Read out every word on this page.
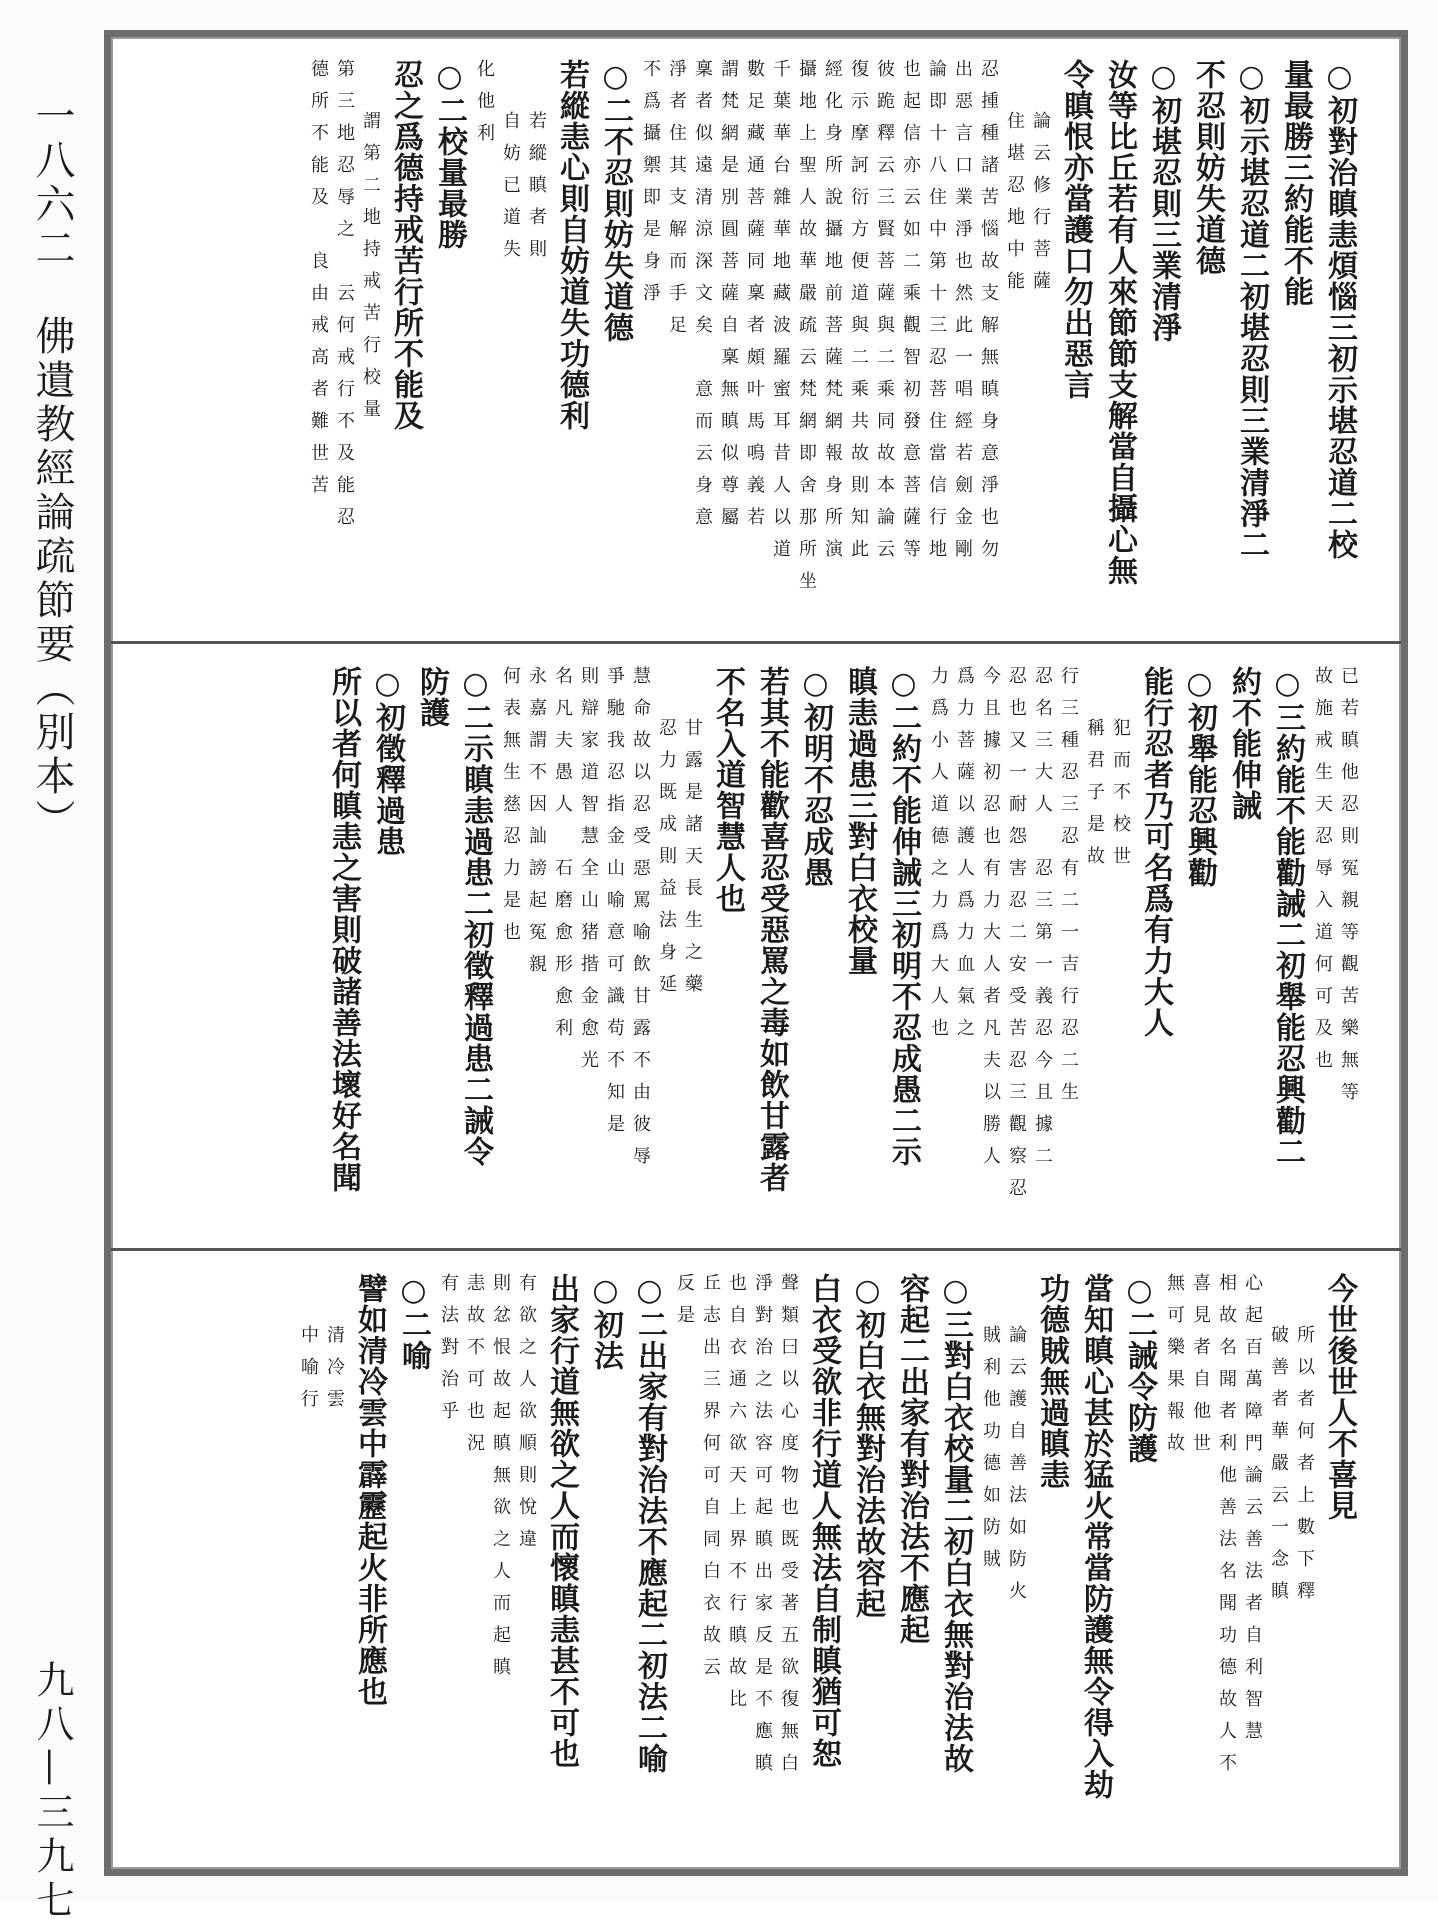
一八六二　佛遺教經論疏節要（別本）
九八—三九七
○初對治瞋恚煩惱三初示堪忍道二校
量最勝三約能不能
○初示堪忍道二初堪忍則三業清淨二
不忍則妨失道德
○初堪忍則三業清淨
汝等比丘若有人來節節支解當自攝心無
令瞋恨亦當護口勿出惡言
論云修行菩薩
住堪忍地中能
忍揰種諸苦惱故支解無瞋身意淨也勿
出惡言口業淨也然此一唱經若劍金剛
論即十八住中第十三忍菩住當信行地
也起信亦云如二乘觀智初發意菩薩等
彼跪釋云三賢菩薩與二乘同故本論云
復示摩訶衍方便道與二乘共故則知此
經化身所說攝地前菩薩梵網報身所演
攝地上聖人故華嚴疏云梵網即舍那所坐
千葉華台雜華地藏波羅蜜耳昔人以道
數足藏通菩薩同稟者頗叶馬鳴義若
謂梵網是別圓菩薩自稟無瞋似尊屬
稟者似遠清涼深文矣　意而云身意
淨者住其支解而手足
不爲攝禦即是身淨
○二不忍則妨失道德
若縱恚心則自妨道失功德利
若縱瞋者則
自妨已道失
化他利
○二校量最勝
忍之爲德持戒苦行所不能及
謂第二地持戒苦行校量
第三地忍辱之　云何戒行不及能忍
德所不能及　良由戒高者難世苦
已若瞋他忍則冤親等觀苦樂無等
故施戒生天忍辱入道何可及也
○三約能不能勸誡二初舉能忍興勸二
約不能伸誡
○初舉能忍興勸
能行忍者乃可名爲有力大人
犯而不校世
稱君子是故
行三種忍三忍有二一吉行忍二生
忍名三大人　忍三第一義忍今且據二
忍也又一耐怨害忍二安受苦忍三觀察忍
今且據初忍也有力大人者凡夫以勝人
爲力菩薩以護人爲力血氣之
力爲小人道德之力爲大人也
○二約不能伸誡三初明不忍成愚二示
瞋恚過患三對白衣校量
○初明不忍成愚
若其不能歡喜忍受惡罵之毒如飲甘露者
不名入道智慧人也
甘露是諸天長生之藥
忍力既成則益法身延
慧命故以忍受惡罵喻飲甘露不由彼辱
爭馳我忍指金山喻意可識苟不知是
則辯家道智慧全山猪揩金愈光
名凡夫愚人　石磨愈形愈利
永嘉謂不因訕謗起冤親
何表無生慈忍力是也
○二示瞋恚過患二初徵釋過患二誡令
防護
○初徵釋過患
所以者何瞋恚之害則破諸善法壞好名聞
今世後世人不喜見
所以者何者上數下釋
破善者華嚴云一念瞋
心起百萬障門論云善法者自利智慧
相故名聞者利他善法名聞功德故人不
喜見者自他世
無可樂果報故
○二誡令防護
當知瞋心甚於猛火常當防護無令得入劫
功德賊無過瞋恚
論云護自善法如防火
賊利他功德如防賊
○三對白衣校量二初白衣無對治法故
容起二出家有對治法不應起
○初白衣無對治法故容起
白衣受欲非行道人無法自制瞋猶可恕
聲類曰以心度物也既受著五欲復無白
淨對治之法容可起瞋出家反是不應瞋
也自衣通六欲天上界不行瞋故比
丘志出三界何可自同白衣故云
反是
○二出家有對治法不應起二初法二喻
○初法
出家行道無欲之人而懷瞋恚甚不可也
有欲之人欲順則悅違
則忿恨故起瞋無欲之人而起瞋
恚故不可也況
有法對治乎
○二喻
譬如清冷雲中霹靂起火非所應也
清冷雲
中喻行
